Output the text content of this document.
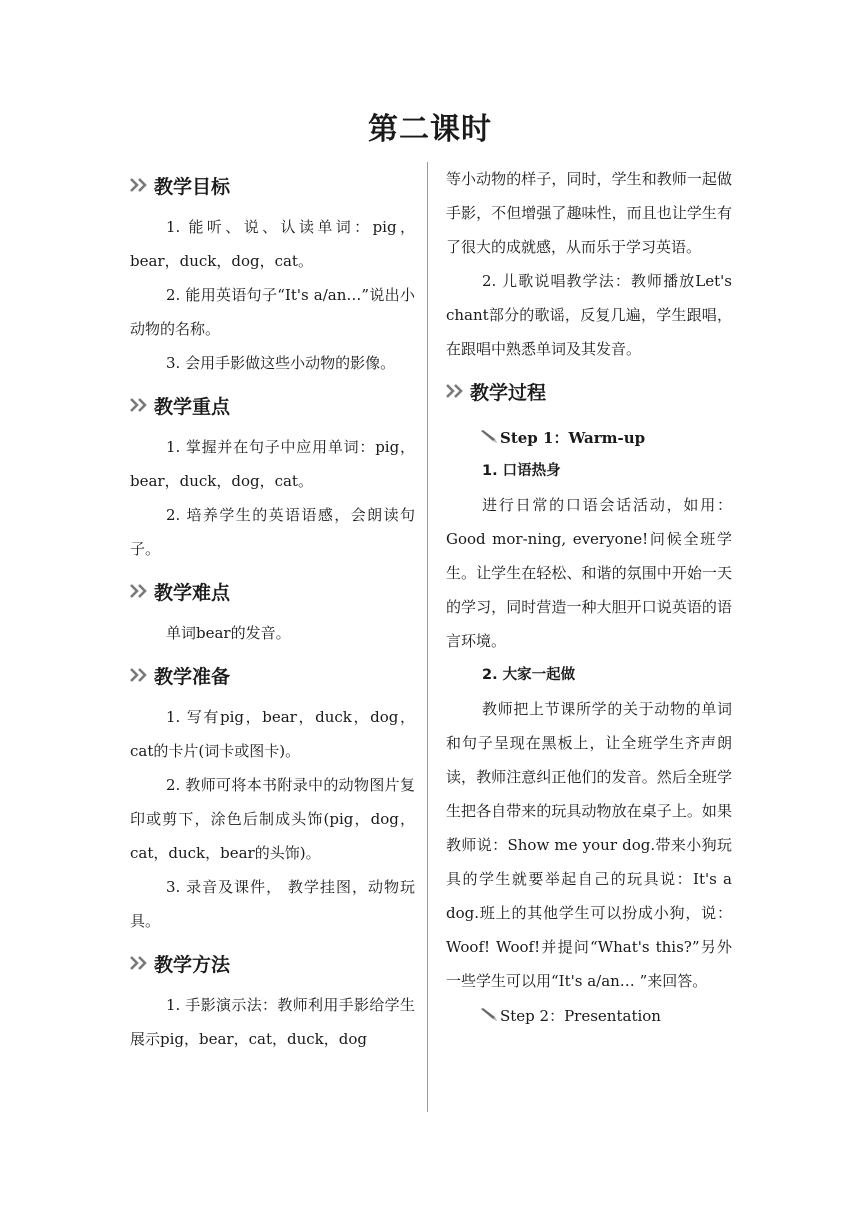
第二课时
教学目标

1. 能听、说、认读单词：pig，bear，duck，dog，cat。

2. 能用英语句子“It's a/an…”说出小动物的名称。

3. 会用手影做这些小动物的影像。

教学重点

1. 掌握并在句子中应用单词：pig，bear，duck，dog，cat。

2. 培养学生的英语语感，会朗读句子。

教学难点

单词bear的发音。

教学准备

1. 写有pig，bear，duck，dog，cat的卡片(词卡或图卡)。

2. 教师可将本书附录中的动物图片复印或剪下，涂色后制成头饰(pig，dog，cat，duck，bear的头饰)。

3. 录音及课件， 教学挂图，动物玩具。

教学方法

1. 手影演示法：教师利用手影给学生展示pig，bear，cat，duck，dog

等小动物的样子，同时，学生和教师一起做手影，不但增强了趣味性，而且也让学生有了很大的成就感，从而乐于学习英语。

2. 儿歌说唱教学法：教师播放Let's chant部分的歌谣，反复几遍，学生跟唱，在跟唱中熟悉单词及其发音。

教学过程
Step 1：Warm-up

1. 口语热身

进行日常的口语会话活动，如用：Good mor-ning, everyone!问候全班学生。让学生在轻松、和谐的氛围中开始一天的学习，同时营造一种大胆开口说英语的语言环境。

2. 大家一起做

教师把上节课所学的关于动物的单词和句子呈现在黑板上，让全班学生齐声朗读，教师注意纠正他们的发音。然后全班学生把各自带来的玩具动物放在桌子上。如果教师说：Show me your dog.带来小狗玩具的学生就要举起自己的玩具说：It's a dog.班上的其他学生可以扮成小狗，说：Woof! Woof!并提问“What's this?”另外一些学生可以用“It's a/an… ”来回答。

Step 2：Presentation
